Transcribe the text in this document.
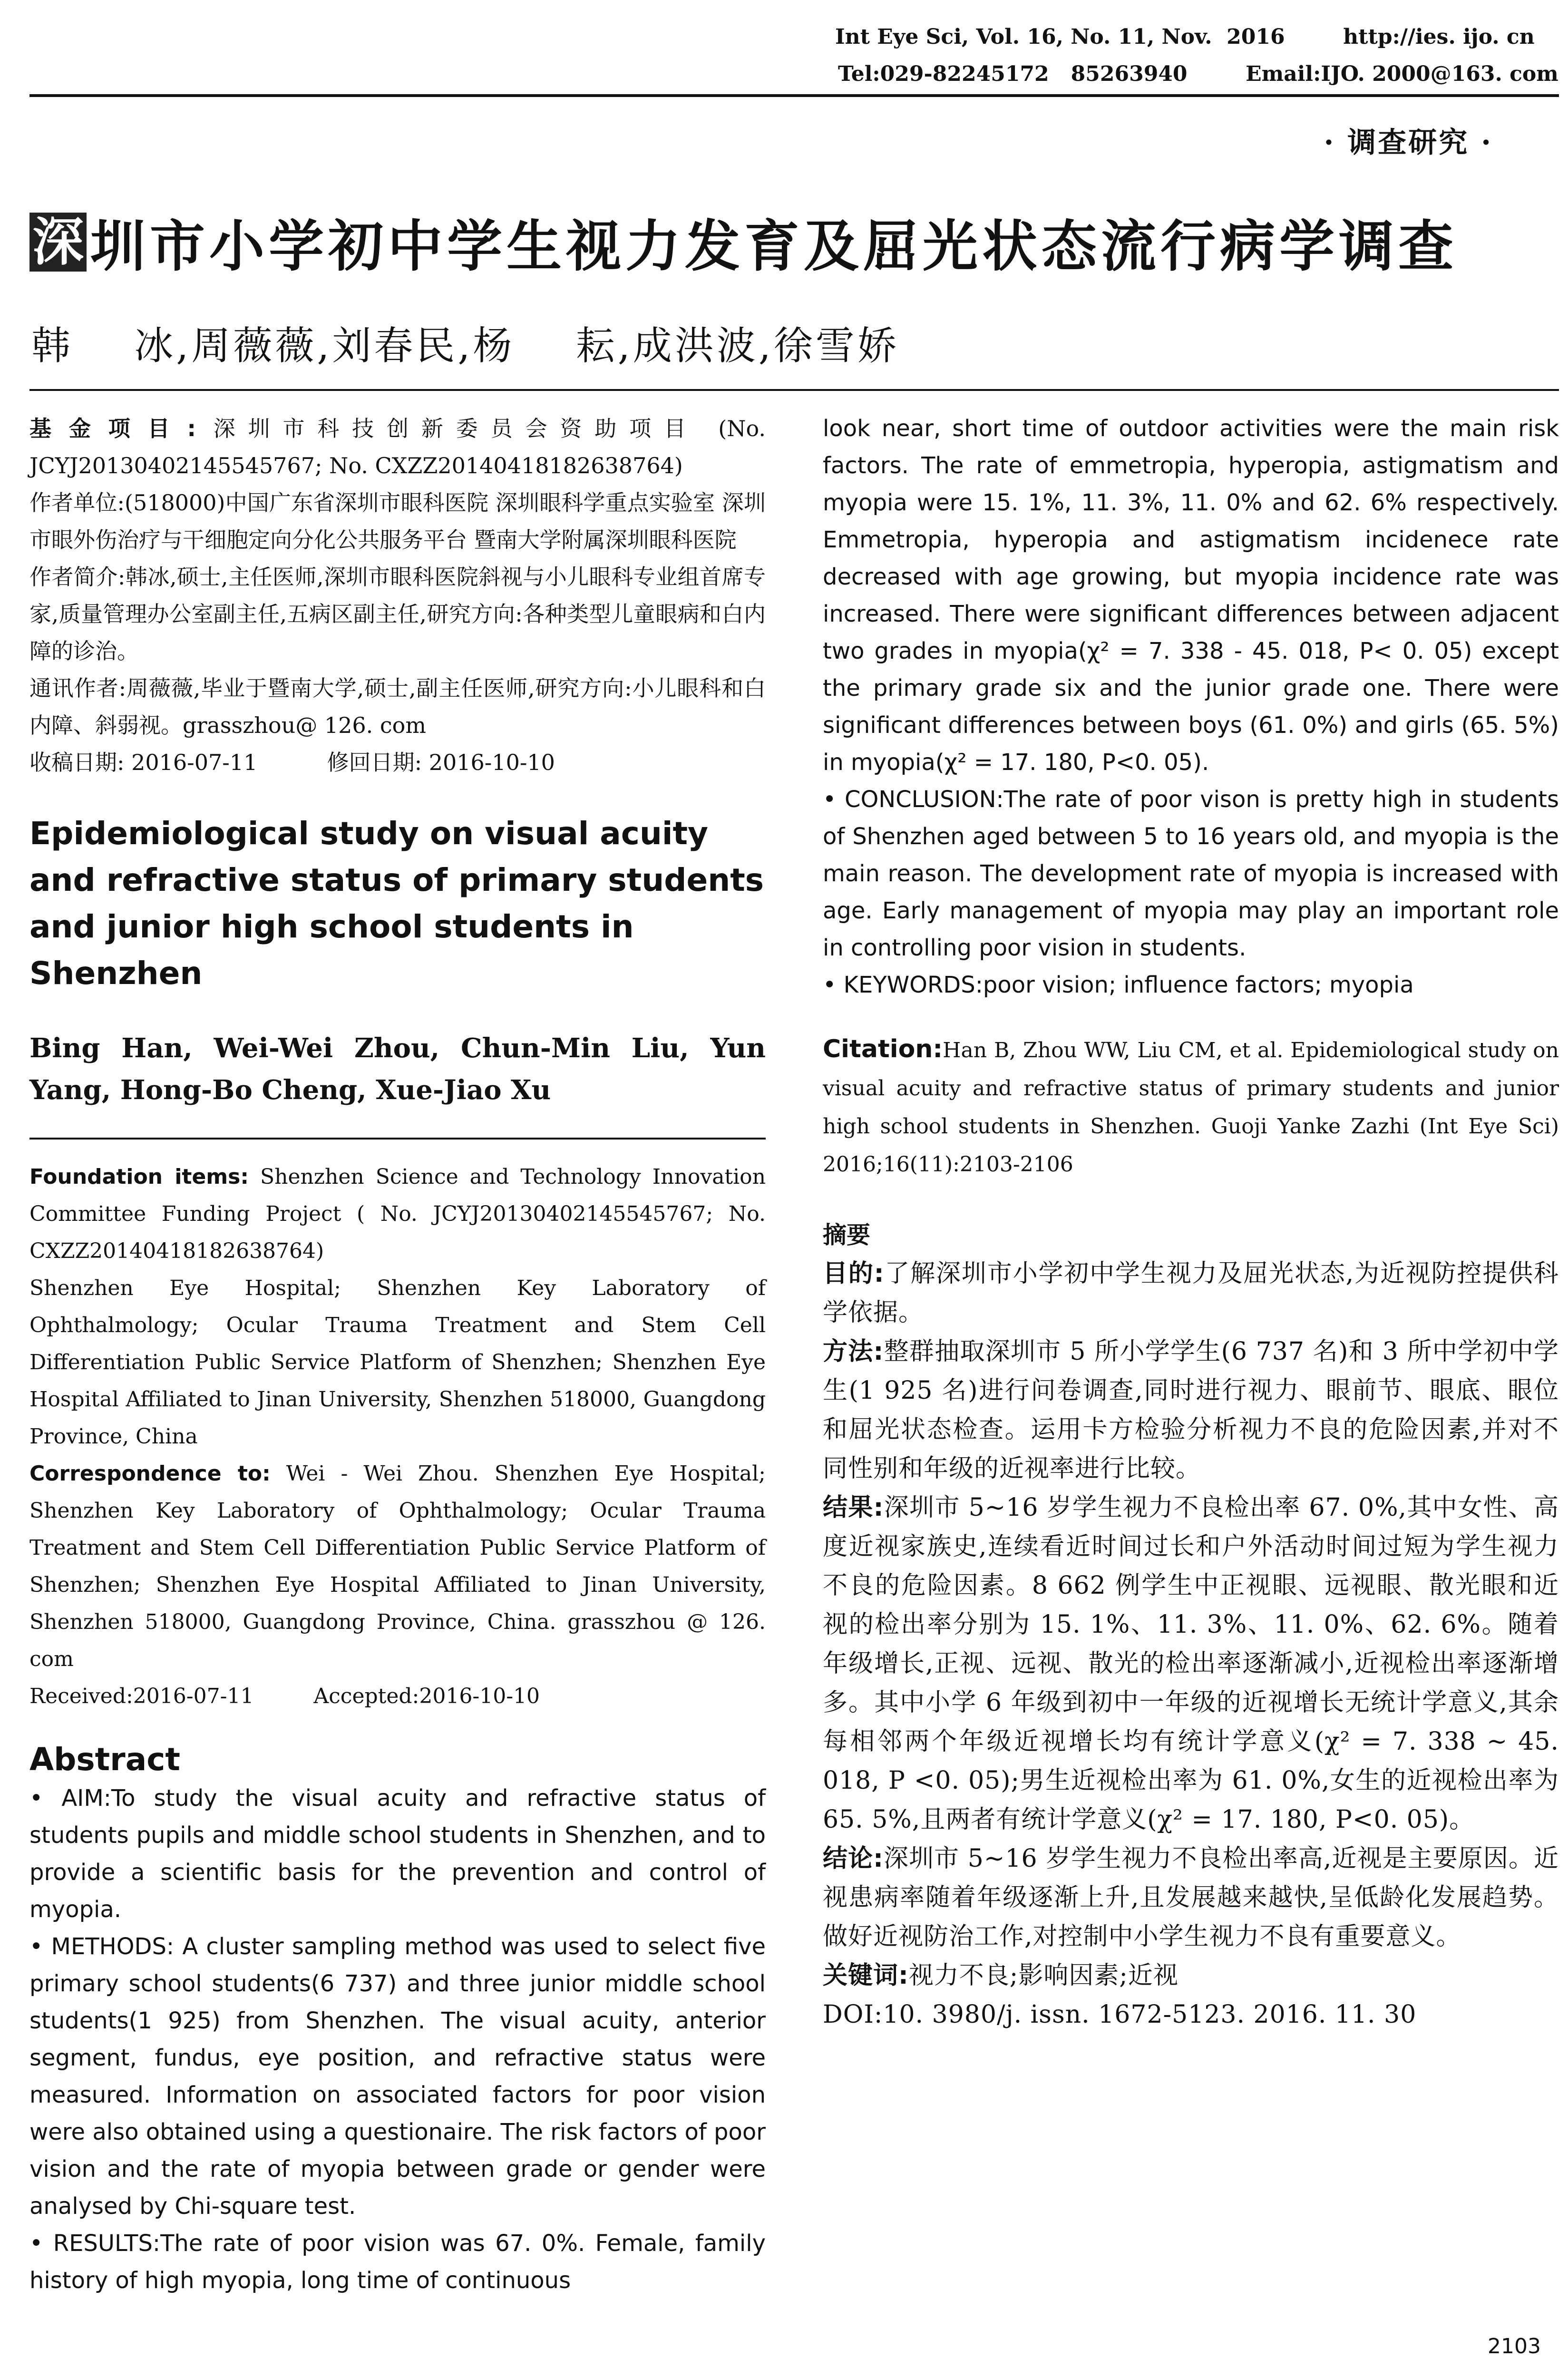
Int Eye Sci, Vol. 16, No. 11, Nov.  2016        http://ies. ijo. cn
Tel:029-82245172   85263940        Email:IJO. 2000@163. com
· 调查研究 ·
深 圳市小学初中学生视力发育及屈光状态流行病学调查
韩    冰,周薇薇,刘春民,杨    耘,成洪波,徐雪娇
基金项目:深圳市科技创新委员会资助项目 (No. JCYJ20130402145545767; No. CXZZ20140418182638764)
作者单位:(518000)中国广东省深圳市眼科医院 深圳眼科学重点实验室 深圳市眼外伤治疗与干细胞定向分化公共服务平台 暨南大学附属深圳眼科医院
作者简介:韩冰,硕士,主任医师,深圳市眼科医院斜视与小儿眼科专业组首席专家,质量管理办公室副主任,五病区副主任,研究方向:各种类型儿童眼病和白内障的诊治。
通讯作者:周薇薇,毕业于暨南大学,硕士,副主任医师,研究方向:小儿眼科和白内障、斜弱视。grasszhou@ 126. com
收稿日期: 2016-07-11	修回日期: 2016-10-10
Epidemiological study on visual acuity and refractive status of primary students and junior high school students in Shenzhen
Bing Han, Wei-Wei Zhou, Chun-Min Liu, Yun Yang, Hong-Bo Cheng, Xue-Jiao Xu
Foundation items: Shenzhen Science and Technology Innovation Committee Funding Project ( No. JCYJ20130402145545767; No. CXZZ20140418182638764)
Shenzhen Eye Hospital; Shenzhen Key Laboratory of Ophthalmology; Ocular Trauma Treatment and Stem Cell Differentiation Public Service Platform of Shenzhen; Shenzhen Eye Hospital Affiliated to Jinan University, Shenzhen 518000, Guangdong Province, China
Correspondence to: Wei - Wei Zhou. Shenzhen Eye Hospital; Shenzhen Key Laboratory of Ophthalmology; Ocular Trauma Treatment and Stem Cell Differentiation Public Service Platform of Shenzhen; Shenzhen Eye Hospital Affiliated to Jinan University, Shenzhen 518000, Guangdong Province, China. grasszhou @ 126. com
Received:2016-07-11	Accepted:2016-10-10
Abstract

• AIM:To study the visual acuity and refractive status of students pupils and middle school students in Shenzhen, and to provide a scientific basis for the prevention and control of myopia.

• METHODS: A cluster sampling method was used to select five primary school students(6 737) and three junior middle school students(1 925) from Shenzhen. The visual acuity, anterior segment, fundus, eye position, and refractive status were measured. Information on associated factors for poor vision were also obtained using a questionaire. The risk factors of poor vision and the rate of myopia between grade or gender were analysed by Chi-square test.

• RESULTS:The rate of poor vision was 67. 0%. Female, family history of high myopia, long time of continuous

look near, short time of outdoor activities were the main risk factors. The rate of emmetropia, hyperopia, astigmatism and myopia were 15. 1%, 11. 3%, 11. 0% and 62. 6% respectively. Emmetropia, hyperopia and astigmatism incidenece rate decreased with age growing, but myopia incidence rate was increased. There were significant differences between adjacent two grades in myopia(χ² = 7. 338 - 45. 018, P< 0. 05) except the primary grade six and the junior grade one. There were significant differences between boys (61. 0%) and girls (65. 5%) in myopia(χ² = 17. 180, P<0. 05).

• CONCLUSION:The rate of poor vison is pretty high in students of Shenzhen aged between 5 to 16 years old, and myopia is the main reason. The development rate of myopia is increased with age. Early management of myopia may play an important role in controlling poor vision in students.

• KEYWORDS:poor vision; influence factors; myopia

Citation:Han B, Zhou WW, Liu CM, et al. Epidemiological study on visual acuity and refractive status of primary students and junior high school students in Shenzhen. Guoji Yanke Zazhi (Int Eye Sci) 2016;16(11):2103-2106
摘要

目的:了解深圳市小学初中学生视力及屈光状态,为近视防控提供科学依据。

方法:整群抽取深圳市 5 所小学学生(6 737 名)和 3 所中学初中学生(1 925 名)进行问卷调查,同时进行视力、眼前节、眼底、眼位和屈光状态检查。运用卡方检验分析视力不良的危险因素,并对不同性别和年级的近视率进行比较。

结果:深圳市 5~16 岁学生视力不良检出率 67. 0%,其中女性、高度近视家族史,连续看近时间过长和户外活动时间过短为学生视力不良的危险因素。8 662 例学生中正视眼、远视眼、散光眼和近视的检出率分别为 15. 1%、11. 3%、11. 0%、62. 6%。随着年级增长,正视、远视、散光的检出率逐渐减小,近视检出率逐渐增多。其中小学 6 年级到初中一年级的近视增长无统计学意义,其余每相邻两个年级近视增长均有统计学意义(χ² = 7. 338 ~ 45. 018, P <0. 05);男生近视检出率为 61. 0%,女生的近视检出率为 65. 5%,且两者有统计学意义(χ² = 17. 180, P<0. 05)。

结论:深圳市 5~16 岁学生视力不良检出率高,近视是主要原因。近视患病率随着年级逐渐上升,且发展越来越快,呈低龄化发展趋势。做好近视防治工作,对控制中小学生视力不良有重要意义。

关键词:视力不良;影响因素;近视

DOI:10. 3980/j. issn. 1672-5123. 2016. 11. 30

2103
